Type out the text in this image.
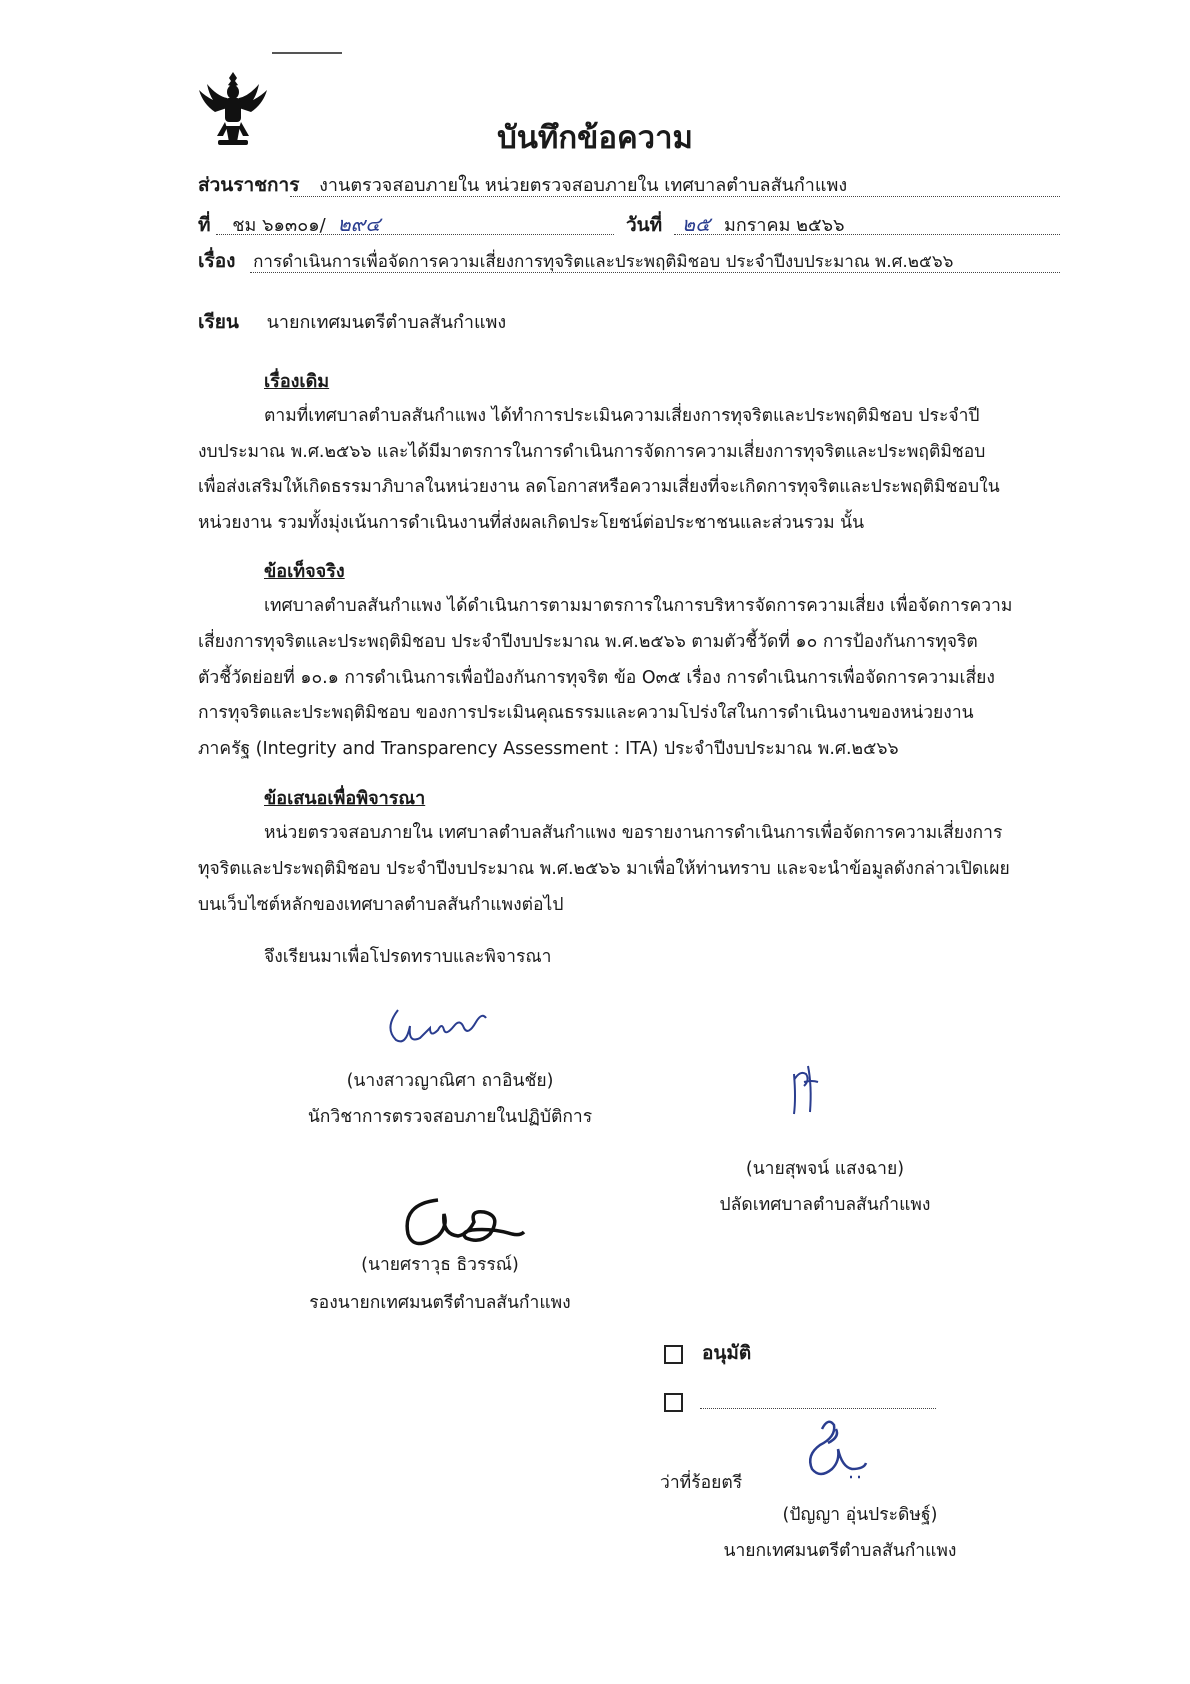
บันทึกข้อความ
ส่วนราชการ งานตรวจสอบภายใน หน่วยตรวจสอบภายใน เทศบาลตำบลสันกำแพง
ที่ ชม ๖๑๓๐๑/ ๒๙๔	วันที่ ๒๕ มกราคม ๒๕๖๖
เรื่อง การดำเนินการเพื่อจัดการความเสี่ยงการทุจริตและประพฤติมิชอบ ประจำปีงบประมาณ พ.ศ.๒๕๖๖
เรียน นายกเทศมนตรีตำบลสันกำแพง
เรื่องเดิม
ตามที่เทศบาลตำบลสันกำแพง ได้ทำการประเมินความเสี่ยงการทุจริตและประพฤติมิชอบ ประจำปี
งบประมาณ พ.ศ.๒๕๖๖ และได้มีมาตรการในการดำเนินการจัดการความเสี่ยงการทุจริตและประพฤติมิชอบ
เพื่อส่งเสริมให้เกิดธรรมาภิบาลในหน่วยงาน ลดโอกาสหรือความเสี่ยงที่จะเกิดการทุจริตและประพฤติมิชอบใน
หน่วยงาน รวมทั้งมุ่งเน้นการดำเนินงานที่ส่งผลเกิดประโยชน์ต่อประชาชนและส่วนรวม นั้น
ข้อเท็จจริง
เทศบาลตำบลสันกำแพง ได้ดำเนินการตามมาตรการในการบริหารจัดการความเสี่ยง เพื่อจัดการความ
เสี่ยงการทุจริตและประพฤติมิชอบ ประจำปีงบประมาณ พ.ศ.๒๕๖๖ ตามตัวชี้วัดที่ ๑๐ การป้องกันการทุจริต
ตัวชี้วัดย่อยที่ ๑๐.๑ การดำเนินการเพื่อป้องกันการทุจริต ข้อ O๓๕ เรื่อง การดำเนินการเพื่อจัดการความเสี่ยง
การทุจริตและประพฤติมิชอบ ของการประเมินคุณธรรมและความโปร่งใสในการดำเนินงานของหน่วยงาน
ภาครัฐ (Integrity and Transparency Assessment : ITA) ประจำปีงบประมาณ พ.ศ.๒๕๖๖
ข้อเสนอเพื่อพิจารณา
หน่วยตรวจสอบภายใน เทศบาลตำบลสันกำแพง ขอรายงานการดำเนินการเพื่อจัดการความเสี่ยงการ
ทุจริตและประพฤติมิชอบ ประจำปีงบประมาณ พ.ศ.๒๕๖๖ มาเพื่อให้ท่านทราบ และจะนำข้อมูลดังกล่าวเปิดเผย
บนเว็บไซต์หลักของเทศบาลตำบลสันกำแพงต่อไป
จึงเรียนมาเพื่อโปรดทราบและพิจารณา
(นางสาวญาณิศา ถาอินชัย)
นักวิชาการตรวจสอบภายในปฏิบัติการ
(นายสุพจน์ แสงฉาย)
ปลัดเทศบาลตำบลสันกำแพง
(นายศราวุธ ธิวรรณ์)
รองนายกเทศมนตรีตำบลสันกำแพง
อนุมัติ
ว่าที่ร้อยตรี
(ปัญญา อุ่นประดิษฐ์)
นายกเทศมนตรีตำบลสันกำแพง
